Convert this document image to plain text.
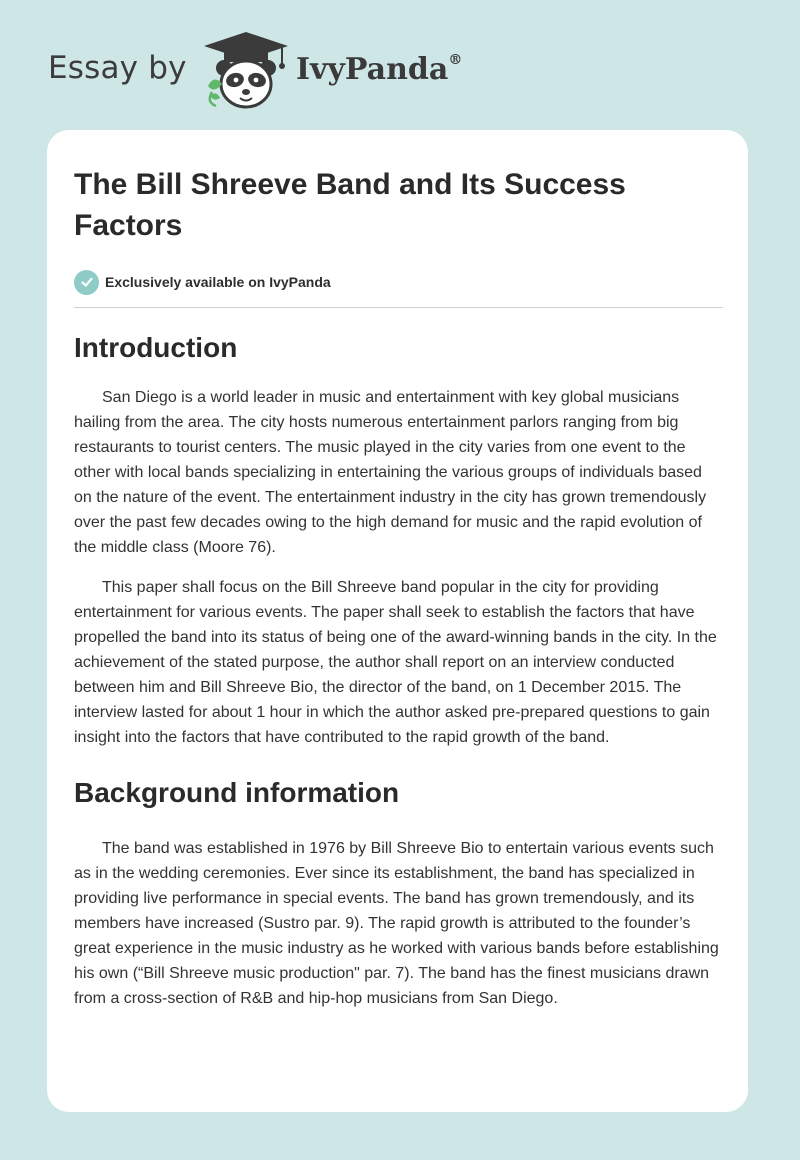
Essay by	IvyPanda®
The Bill Shreeve Band and Its Success Factors
Exclusively available on IvyPanda
Introduction

San Diego is a world leader in music and entertainment with key global musicians hailing from the area. The city hosts numerous entertainment parlors ranging from big restaurants to tourist centers. The music played in the city varies from one event to the other with local bands specializing in entertaining the various groups of individuals based on the nature of the event. The entertainment industry in the city has grown tremendously over the past few decades owing to the high demand for music and the rapid evolution of the middle class (Moore 76).

This paper shall focus on the Bill Shreeve band popular in the city for providing entertainment for various events. The paper shall seek to establish the factors that have propelled the band into its status of being one of the award-winning bands in the city. In the achievement of the stated purpose, the author shall report on an interview conducted between him and Bill Shreeve Bio, the director of the band, on 1 December 2015. The interview lasted for about 1 hour in which the author asked pre-prepared questions to gain insight into the factors that have contributed to the rapid growth of the band.

Background information

The band was established in 1976 by Bill Shreeve Bio to entertain various events such as in the wedding ceremonies. Ever since its establishment, the band has specialized in providing live performance in special events. The band has grown tremendously, and its members have increased (Sustro par. 9). The rapid growth is attributed to the founder’s great experience in the music industry as he worked with various bands before establishing his own (“Bill Shreeve music production" par. 7). The band has the finest musicians drawn from a cross-section of R&B and hip-hop musicians from San Diego.
